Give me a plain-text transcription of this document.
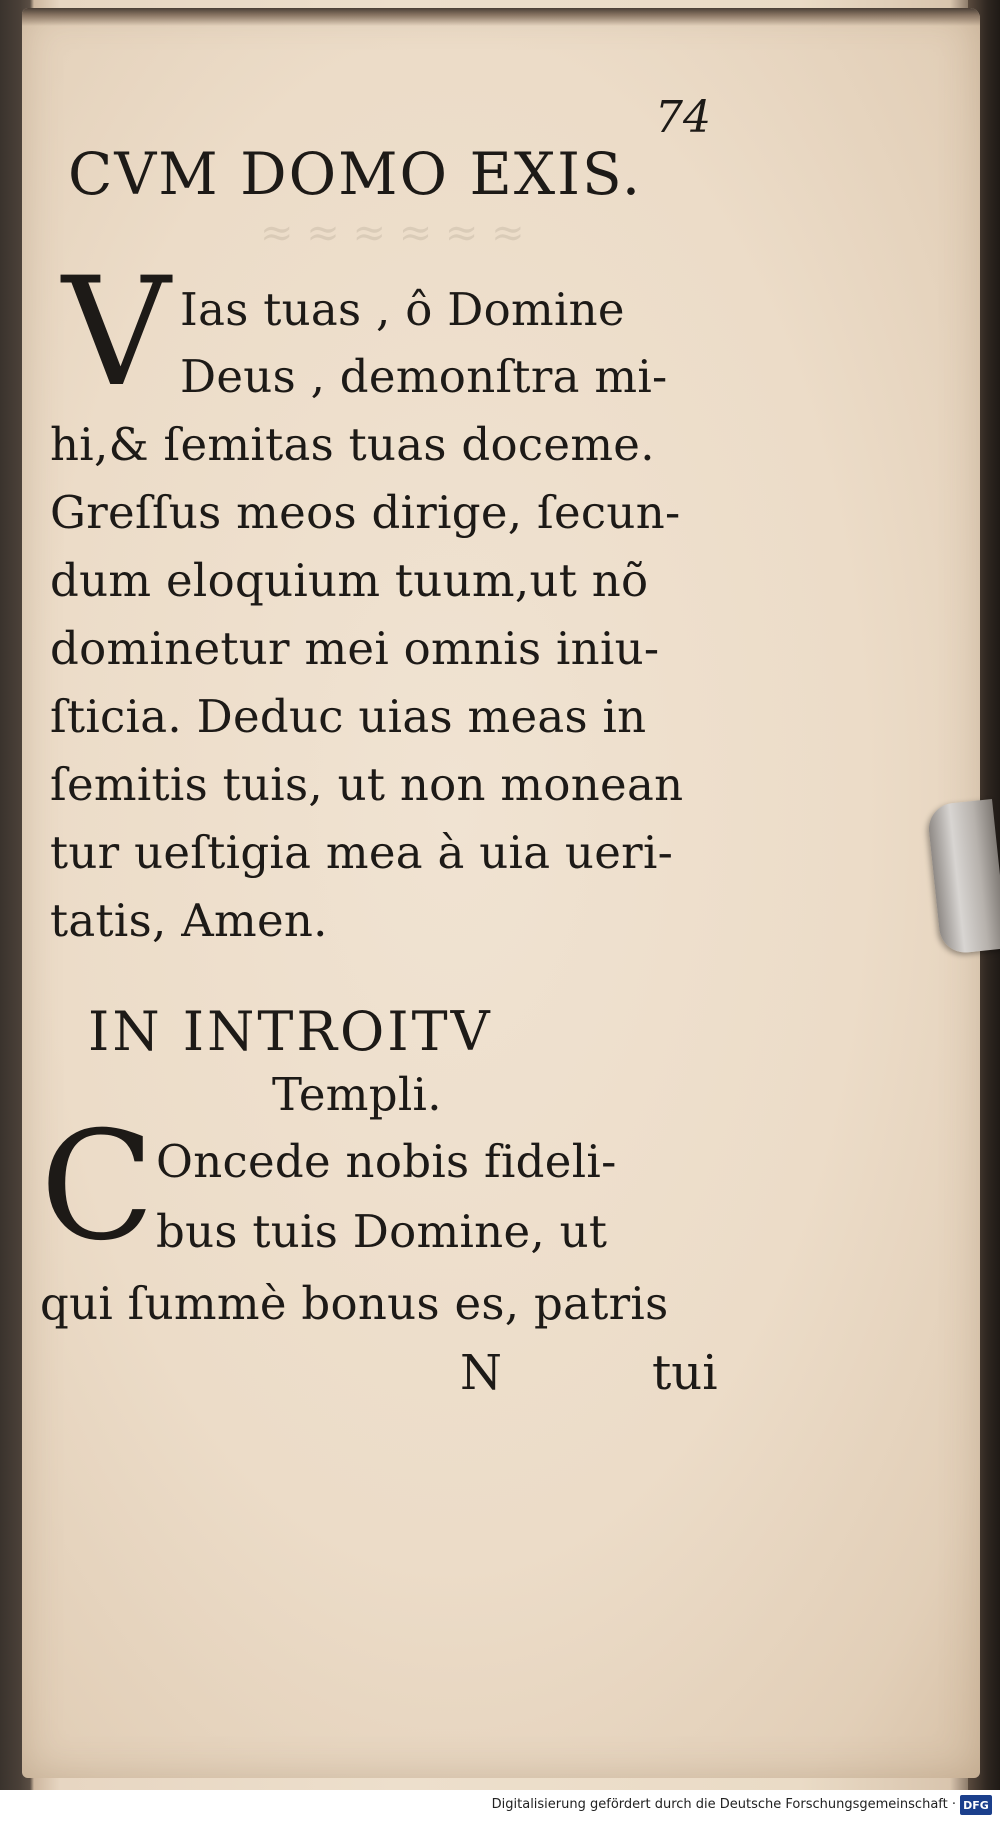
≈ ≈ ≈ ≈ ≈ ≈
74
CVM DOMO EXIS.
V Ias tuas , ô Domine
Deus , demonſtra mi-
hi,& ſemitas tuas doceme.
Greſſus meos dirige, ſecun-
dum eloquium tuum,ut nõ
dominetur mei omnis iniu-
ſticia. Deduc uias meas in
ſemitis tuis, ut non monean
tur ueſtigia mea à uia ueri-
tatis, Amen.
IN INTROITV
Templi.
C Oncede nobis fideli-
bus tuis Domine, ut
qui ſummè bonus es, patris
N	tui
Digitalisierung gefördert durch die Deutsche Forschungsgemeinschaft · DFG
